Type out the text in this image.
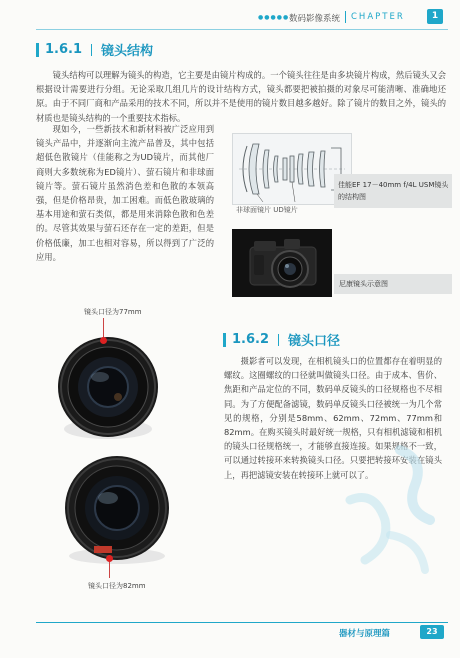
●●●●● 数码影像系统 CHAPTER	1
1.6.1 镜头结构
镜头结构可以理解为镜头的构造，它主要是由镜片构成的。一个镜头往往是由多块镜片构成，然后镜头又会根据设计需要进行分组。无论采取几组几片的设计结构方式，镜头都要把被拍摄的对象尽可能清晰、准确地还原。由于不同厂商和产品采用的技术不同，所以并不是使用的镜片数目越多越好。除了镜片的数目之外，镜头的材质也是镜头结构的一个重要技术指标。
现如今，一些新技术和新材料被广泛应用到镜头产品中，并逐渐向主流产品普及，其中包括超低色散镜片（佳能称之为UD镜片，而其他厂商则大多数统称为ED镜片）、萤石镜片和非球面镜片等。萤石镜片虽然消色差和色散的本领高强，但是价格昂贵，加工困难。而低色散玻璃的基本用途和萤石类似，都是用来消除色散和色差的。尽管其效果与萤石还存在一定的差距，但是价格低廉，加工也相对容易，所以得到了广泛的应用。
非球面镜片 UD镜片
佳能EF 17－40mm f/4L USM镜头的结构图
尼康镜头示意图
镜头口径为77mm
镜头口径为82mm
1.6.2 镜头口径
摄影者可以发现，在相机镜头口的位置都存在着明显的螺纹。这圈螺纹的口径就叫做镜头口径。由于成本、售价、焦距和产品定位的不同，数码单反镜头的口径规格也不尽相同。为了方便配备滤镜，数码单反镜头口径被统一为几个常见的规格，分别是58mm、62mm、72mm、77mm和82mm。在购买镜头时最好统一规格，只有相机滤镜和相机的镜头口径规格统一，才能够直接连接。如果规格不一致，可以通过转接环来转换镜头口径。只要把转接环安装在镜头上，再把滤镜安装在转接环上就可以了。
器材与原理篇	23
